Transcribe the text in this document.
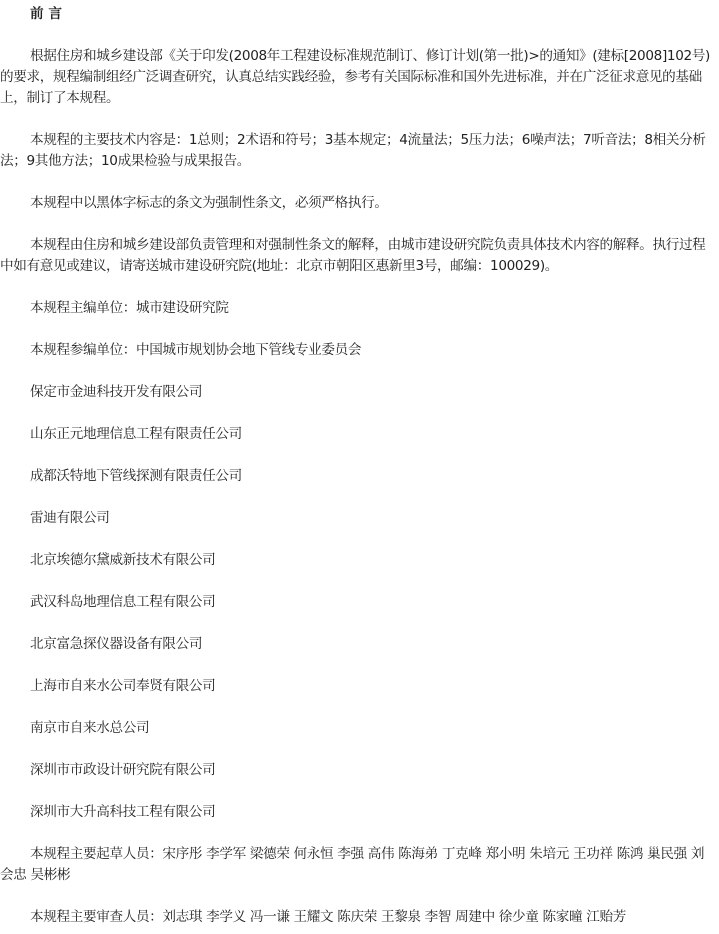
前 言

根据住房和城乡建设部《关于印发(2008年工程建设标准规范制订、修订计划(第一批)>的通知》(建标[2008]102号)的要求，规程编制组经广泛调查研究，认真总结实践经验，参考有关国际标准和国外先进标准，并在广泛征求意见的基础上，制订了本规程。

本规程的主要技术内容是：1总则；2术语和符号；3基本规定；4流量法；5压力法；6噪声法；7听音法；8相关分析法；9其他方法；10成果检验与成果报告。

本规程中以黑体字标志的条文为强制性条文，必须严格执行。

本规程由住房和城乡建设部负责管理和对强制性条文的解释，由城市建设研究院负责具体技术内容的解释。执行过程中如有意见或建议，请寄送城市建设研究院(地址：北京市朝阳区惠新里3号，邮编：100029)。

本规程主编单位：城市建设研究院

本规程参编单位：中国城市规划协会地下管线专业委员会

保定市金迪科技开发有限公司

山东正元地理信息工程有限责任公司

成都沃特地下管线探测有限责任公司

雷迪有限公司

北京埃德尔黛威新技术有限公司

武汉科岛地理信息工程有限公司

北京富急探仪器设备有限公司

上海市自来水公司奉贤有限公司

南京市自来水总公司

深圳市市政设计研究院有限公司

深圳市大升高科技工程有限公司

本规程主要起草人员：宋序彤 李学军 梁德荣 何永恒 李强 高伟 陈海弟 丁克峰 郑小明 朱培元 王功祥 陈鸿 巢民强 刘会忠 吴彬彬

本规程主要审查人员：刘志琪 李学义 冯一谦 王耀文 陈庆荣 王黎泉 李智 周建中 徐少童 陈家曈 江贻芳
